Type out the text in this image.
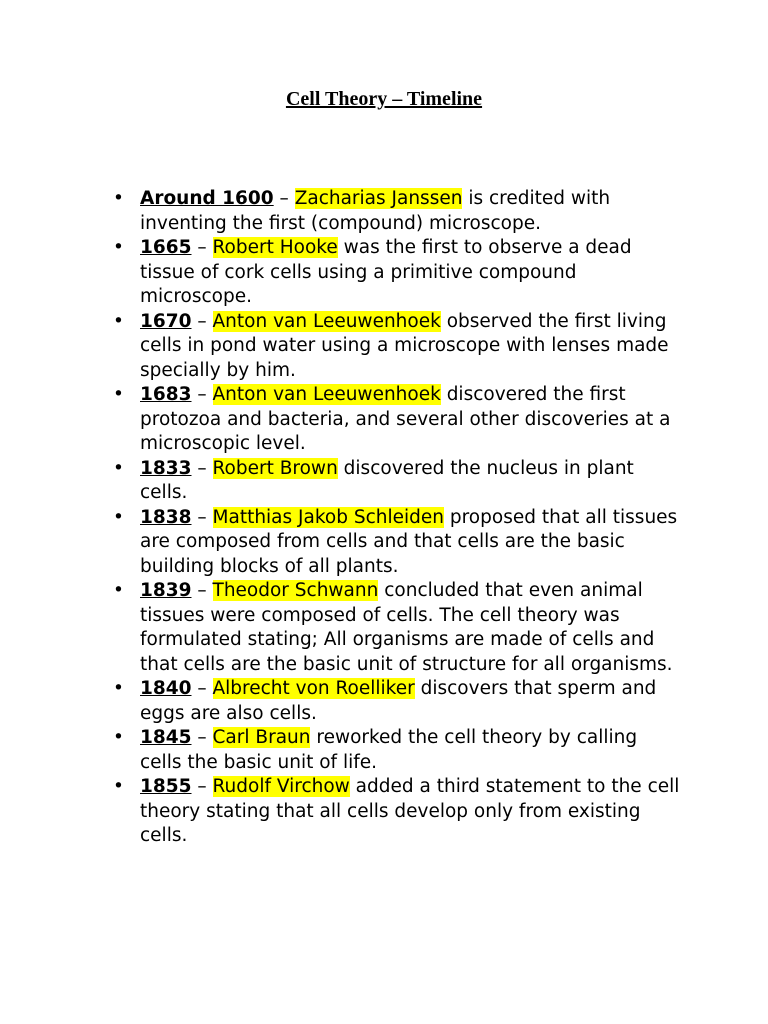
Cell Theory – Timeline
• Around 1600 – Zacharias Janssen is credited with inventing the first (compound) microscope.
• 1665 – Robert Hooke was the first to observe a dead tissue of cork cells using a primitive compound microscope.
• 1670 – Anton van Leeuwenhoek observed the first living cells in pond water using a microscope with lenses made specially by him.
• 1683 – Anton van Leeuwenhoek discovered the first protozoa and bacteria, and several other discoveries at a microscopic level.
• 1833 – Robert Brown discovered the nucleus in plant cells.
• 1838 – Matthias Jakob Schleiden proposed that all tissues are composed from cells and that cells are the basic building blocks of all plants.
• 1839 – Theodor Schwann concluded that even animal tissues were composed of cells. The cell theory was formulated stating; All organisms are made of cells and that cells are the basic unit of structure for all organisms.
• 1840 – Albrecht von Roelliker discovers that sperm and eggs are also cells.
• 1845 – Carl Braun reworked the cell theory by calling cells the basic unit of life.
• 1855 – Rudolf Virchow added a third statement to the cell theory stating that all cells develop only from existing cells.
